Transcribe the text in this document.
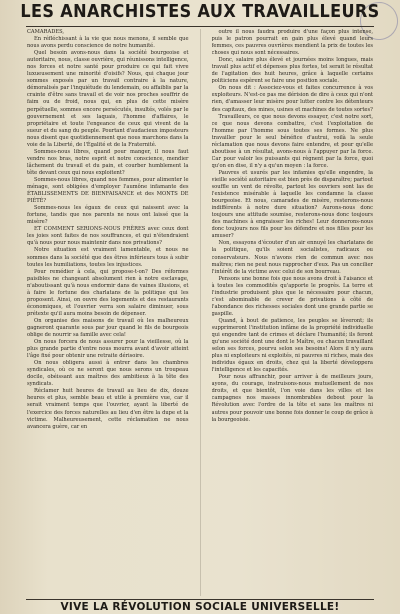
LES ANARCHISTES AUX TRAVAILLEURS

CAMARADES,

En réfléchissant à la vie que nous menons, il semble que nous avons perdu conscience de notre humanité.

Quel besoin avons-nous dans la société bourgeoise et autoritaire, nous, classe ouvrière, qui réunissons intelligence, nos forces et notre santé pour produire ce qui fait vivre luxueusement une minorité d'oisifs? Nous, qui chaque jour sommes exposés par un travail contraire à la nature, démoralisés par l'inquiétude du lendemain, ou affaiblis par la crainte d'être sans travail et de voir nos proches souffrir de faim ou de froid, nous qui, en plus de cette misère perpétuelle, sommes encore persécutés, insultés, volés par le gouvernement et ses laquais, l'homme d'affaires, le propriétaire et toute l'engeance de ceux qui vivent de la sueur et du sang du peuple. Pourtant d'audacieux imposteurs nous disent que quotidiennement que nous marchons dans la voie de la Liberté, de l'Égalité et de la Fraternité.

Sommes-nous libres, quand pour manger, il nous faut vendre nos bras, notre esprit et notre conscience, mendier lâchement du travail et du pain, et courber humblement la tête devant ceux qui nous exploitent?

Sommes-nous libres, quand nos femmes, pour alimenter le ménage, sont obligées d'employer l'aumône infamante des ÉTABLISSEMENTS DE BIENFAISANCE et des MONTS DE PIÉTÉ?

Sommes-nous les égaux de ceux qui naissent avec la fortune, tandis que nos parents ne nous ont laissé que la misère?

ET COMMENT SERIONS-NOUS FRÈRES avec ceux dont les joies sont faites de nos souffrances, et qui n'étendraient qu'à nous pour nous maintenir dans nos privations?

Notre situation est vraiment lamentable, et nous ne sommes dans la société que des êtres inférieurs tous à subir toutes les humiliations, toutes les injustices.

Pour remédier à cela, qui propose-t-on? Des réformes paisibles ne changeant absolument rien à notre esclavage, n'aboutissant qu'à nous endormir dans de vaines illusions, et à faire le fortune des charlatans de la politique qui les proposent. Ainsi, on ouvre des logements et des restaurants économiques, et l'ouvrier verra son salaire diminuer, sous prétexte qu'il aura moins besoin de dépenser.

On organise des maisons de travail où les malheureux gagneront quarante sous par jour quand le fils de bourgeois oblige de nourrir sa famille avec cela!

On nous forcera de nous assurer pour la vieillesse, où la plus grande partie d'entre nous mourra avant d'avoir atteint l'âge fixé pour obtenir une retraite dérisoire.

On nous obligera aussi à entrer dans les chambres syndicales, où ce ne seront que nous serons un troupeau docile, obéissant aux maîtres des ambitieux à la tête des syndicats.

Réclamer huit heures de travail au lieu de dix, douze heures et plus, semble beau et utile à première vue, car il serait vraiment temps que l'ouvrier, ayant la liberté de l'exercice des forces naturelles au lieu d'en être la dupe et la victime. Malheureusement, cette réclamation ne nous avancera guère, car en

outre il nous faudra produire d'une façon plus intense, puis le patron pourrait en gain plus élevé quand leurs femmes, ces pauvres ouvrières mendient la prix de toutes les choses qui nous sont nécessaires.

Donc, salaire plus élevé et journées moins longues, mais travail plus actif et dépenses plus fortes, tel serait le résultat de l'agitation des huit heures, grâce à laquelle certains politiciens espèrent se faire une position sociale.

On nous dit : Associez-vous et faites concurrence à vos exploiteurs. N'est-ce pas me dérision de dire à ceux qui n'ont rien, d'amasser leur misère pour lutter contre les détenteurs des capitaux, des mines, usines et machines de toutes sortes?

Travailleurs, ce que nous devons essayer, c'est notre sort, ce que nous devons combattre, c'est l'exploitation de l'homme par l'homme sous toutes ses formes. Ne plus travailler pour le seul bénéfice d'autrui, voilà la seule réclamation que nous devons faire entendre, et pour qu'elle aboutisse à un résultat, avons-nous à l'appuyer par la force. Car pour valoir les puissants qui règnent par la force, quoi qu'on en dise, il n'y a qu'un moyen : la force.

Pauvres et usurés par les infamies qu'elle engendre, la vieille société autoritaire est bien près de disparaître; partout souffle un vent de révolte, partout les ouvriers sont las de l'existence misérable à laquelle les condamne la classe bourgeoise. Et nous, camarades de misère, resterons-nous indifférents à notre dure situation? Aurons-nous donc toujours une attitude soumise, resterons-nous donc toujours des machines à engraisser les riches! Leur donnerons-nous donc toujours nos fils pour les défendre et nos filles pour les amuser?

Non, essayons d'écouter d'un air ennuyé les charlatans de la politique, qu'ils soient socialistes, radicaux ou conservateurs. Nous n'avons rien de commun avec nos maîtres; rien ne peut nous rapprocher d'eux. Pas un concilier l'intérêt de la victime avec celui de son bourreau.

Pensons une bonne fois que nous avons droit à l'aisance et à toutes les commodités qu'apporte le progrès. La terre et l'industrie produisent plus que le nécessaire pour chacun, c'est abominable de crever de privations à côté de l'abondance des richesses sociales dont une grande partie se gaspille.

Quand, à bout de patience, les peuples se lèveront; ils supprimeront l'institution infâme de la propriété individuelle qui engendre tant de crimes et déclare l'humanité; ils feront qu'une société dont une dont le Maître, ou chacun travaillant selon ses forces, pourvu selon ses besoins! Alors il n'y aura plus ni exploiteurs ni exploités, ni pauvres ni riches, mais des individus égaux en droits, chez qui la liberté développera l'intelligence et les capacités.

Pour nous affranchir, pour arriver à de meilleurs jours, ayons, du courage, instruisons-nous mutuellement de nos droits, et que bientôt, l'on voie dans les villes et les campagnes nos masses innombrables debout pour la Révolution avec l'ordre de la tête et sans les maîtres ni autres pour pouvoir une bonne fois donner le coup de grâce à la bourgeoisie.

VIVE LA RÉVOLUTION SOCIALE UNIVERSELLE!
